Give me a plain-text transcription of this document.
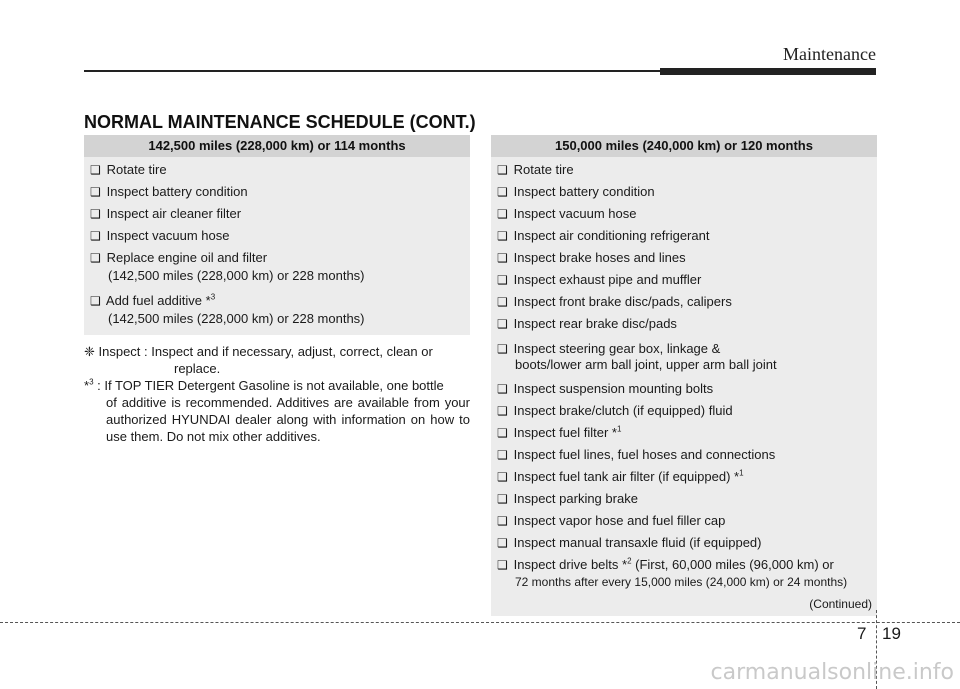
Maintenance
NORMAL MAINTENANCE SCHEDULE (CONT.)
142,500 miles (228,000 km) or 114 months
❑ Rotate tire
❑ Inspect battery condition
❑ Inspect air cleaner filter
❑ Inspect vacuum hose
❑ Replace engine oil and filter
(142,500 miles (228,000 km) or 228 months)
❑ Add fuel additive *$^3$
(142,500 miles (228,000 km) or 228 months)

❈ Inspect : Inspect and if necessary, adjust, correct, clean or

replace.

*$^3$ : If TOP TIER Detergent Gasoline is not available, one bottle

of additive is recommended. Additives are available from your authorized HYUNDAI dealer along with information on how to use them. Do not mix other additives.

150,000 miles (240,000 km) or 120 months
❑ Rotate tire
❑ Inspect battery condition
❑ Inspect vacuum hose
❑ Inspect air conditioning refrigerant
❑ Inspect brake hoses and lines
❑ Inspect exhaust pipe and muffler
❑ Inspect front brake disc/pads, calipers
❑ Inspect rear brake disc/pads
❑ Inspect steering gear box, linkage &
boots/lower arm ball joint, upper arm ball joint
❑ Inspect suspension mounting bolts
❑ Inspect brake/clutch (if equipped) fluid
❑ Inspect fuel filter *$^1$
❑ Inspect fuel lines, fuel hoses and connections
❑ Inspect fuel tank air filter (if equipped) *$^1$
❑ Inspect parking brake
❑ Inspect vapor hose and fuel filler cap
❑ Inspect manual transaxle fluid (if equipped)
❑ Inspect drive belts *$^2$ (First, 60,000 miles (96,000 km) or
72 months after every 15,000 miles (24,000 km) or 24 months)
(Continued)
7 19
carmanualsonline.info
